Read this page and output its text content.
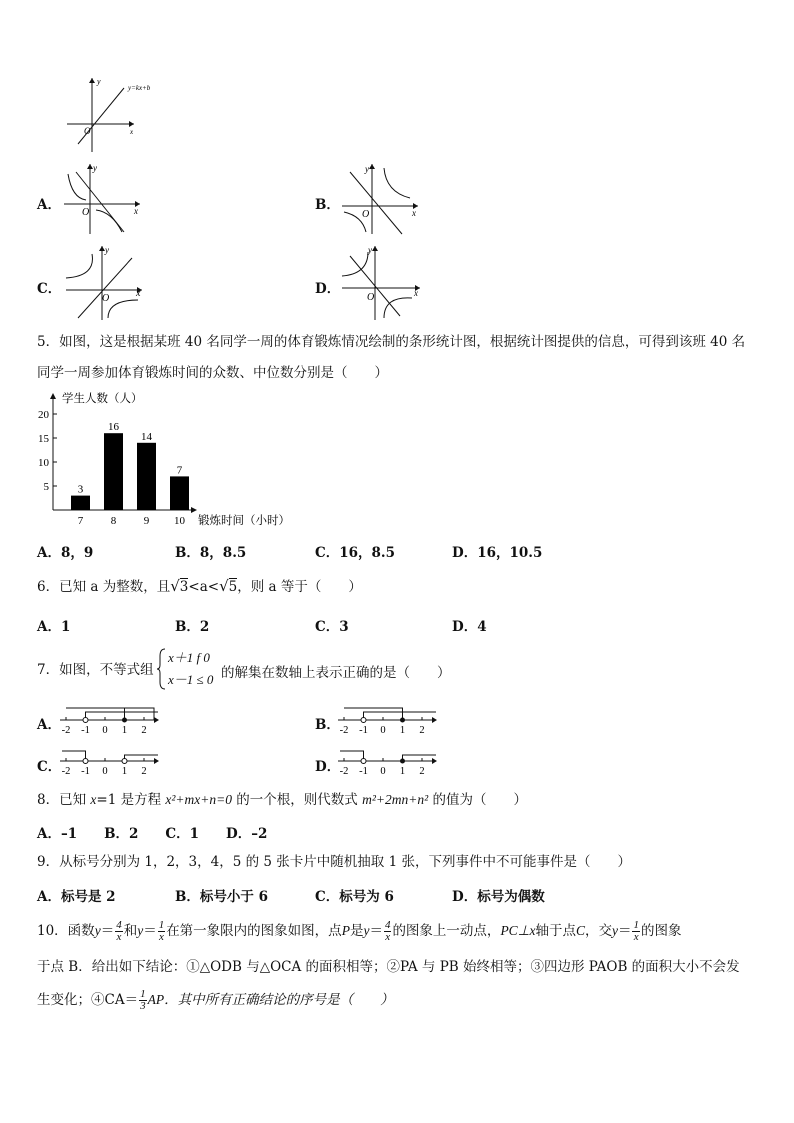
y=kx+b
y
x
O
A．
y
x
O	B．
y
x
O
C．
y
x
O
D．
y
x
O
5．如图，这是根据某班 40 名同学一周的体育锻炼情况绘制的条形统计图，根据统计图提供的信息，可得到该班 40 名
同学一周参加体育锻炼时间的众数、中位数分别是（　　）
学生人数（人）
锻炼时间（小时）
5
10
15
20
3
7
16
8
14
9
7
10
A．8，9	B．8，8.5	C．16，8.5	D．16，10.5
6．已知 a 为整数，且√3<a<√5，则 a 等于（　　）
A．1	B．2	C．3	D．4
7．如图，不等式组
x＋1 f 0
x－1 ≤ 0 的解集在数轴上表示正确的是（　　）
A．	B．
C．	D．
-2 -1 0 1 2	-2 -1 0 1 2
-2 -1 0 1 2	-2 -1 0 1 2
8．已知 x=1 是方程 x²+mx+n=0 的一个根，则代数式 m²+2mn+n² 的值为（　　）
A．–1　　B．2　　C．1　　D．–2
9．从标号分别为 1，2，3，4，5 的 5 张卡片中随机抽取 1 张，下列事件中不可能事件是（　　）
A．标号是 2	B．标号小于 6	C．标号为 6	D．标号为偶数
10．函数$y= \frac{4}{x}$ 和$y= \frac{1}{x}$ 在第一象限内的图象如图，点P是$y= \frac{4}{x}$ 的图象上一动点，PC⊥x轴于点C，交$y= \frac{1}{x}$ 的图象
于点 B．给出如下结论：①△ODB 与△OCA 的面积相等；②PA 与 PB 始终相等；③四边形 PAOB 的面积大小不会发
生变化；④CA＝ $\frac{1}{3}$ AP．其中所有正确结论的序号是（　　）
